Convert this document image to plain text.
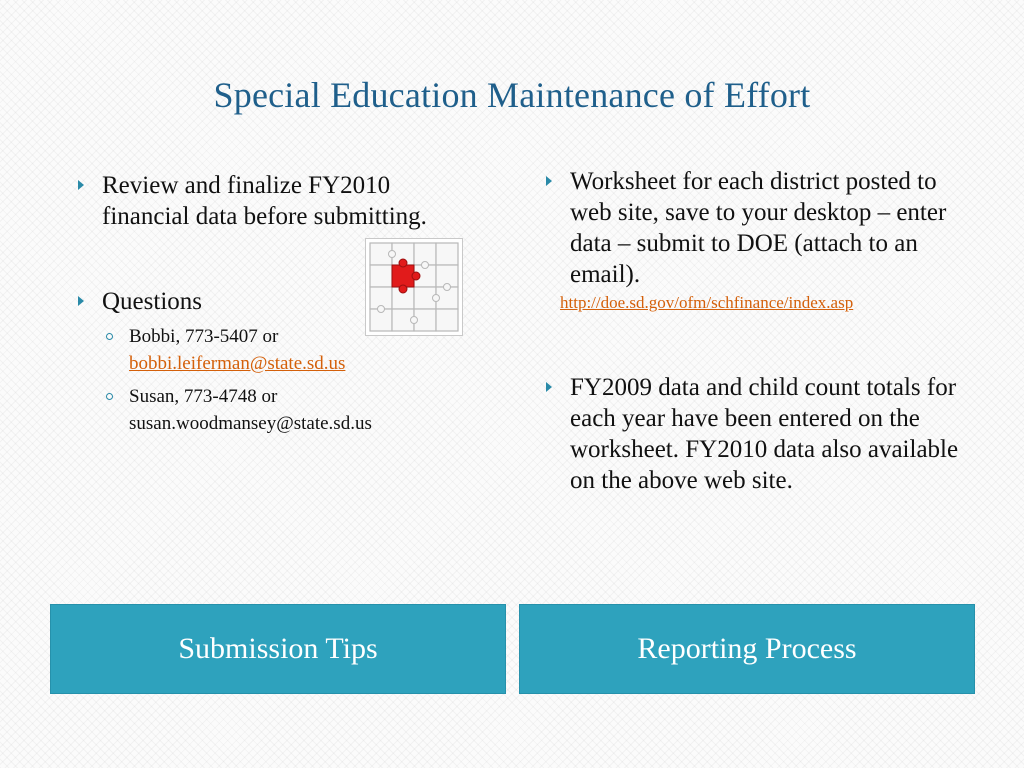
Special Education Maintenance of Effort
Review and finalize FY2010 financial data before submitting.
Questions
Bobbi, 773-5407 or
bobbi.leiferman@state.sd.us
Susan, 773-4748 or
susan.woodmansey@state.sd.us
Worksheet for each district posted to web site, save to your desktop – enter data – submit to DOE (attach to an email).
http://doe.sd.gov/ofm/schfinance/index.asp
FY2009 data and child count totals for each year have been entered on the worksheet. FY2010 data also available on the above web site.
Submission Tips	Reporting Process
